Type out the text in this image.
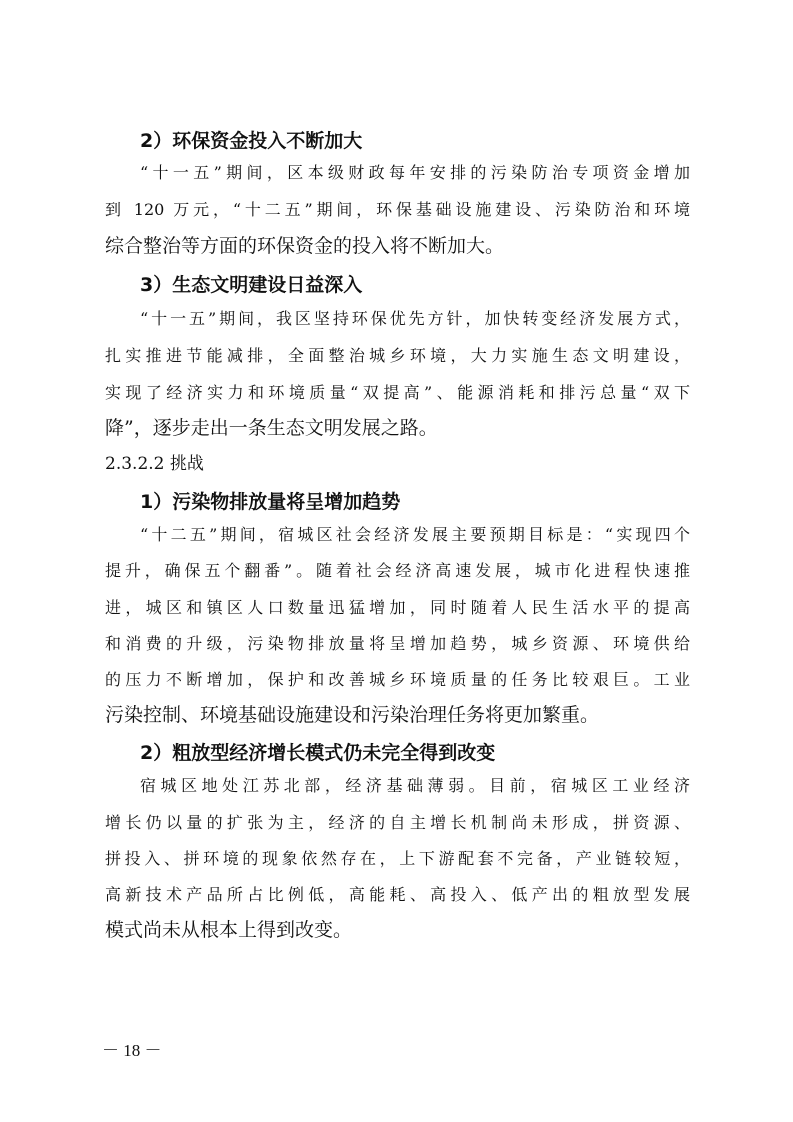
2）环保资金投入不断加大
“十一五”期间，区本级财政每年安排的污染防治专项资金增加
到 120 万元，“十二五”期间，环保基础设施建设、污染防治和环境
综合整治等方面的环保资金的投入将不断加大。
3）生态文明建设日益深入
“十一五”期间，我区坚持环保优先方针，加快转变经济发展方式，
扎实推进节能减排，全面整治城乡环境，大力实施生态文明建设，
实现了经济实力和环境质量“双提高”、能源消耗和排污总量“双下
降”，逐步走出一条生态文明发展之路。
2.3.2.2 挑战
1）污染物排放量将呈增加趋势
“十二五”期间，宿城区社会经济发展主要预期目标是：“实现四个
提升，确保五个翻番”。随着社会经济高速发展，城市化进程快速推
进，城区和镇区人口数量迅猛增加，同时随着人民生活水平的提高
和消费的升级，污染物排放量将呈增加趋势，城乡资源、环境供给
的压力不断增加，保护和改善城乡环境质量的任务比较艰巨。工业
污染控制、环境基础设施建设和污染治理任务将更加繁重。
2）粗放型经济增长模式仍未完全得到改变
宿城区地处江苏北部，经济基础薄弱。目前，宿城区工业经济
增长仍以量的扩张为主，经济的自主增长机制尚未形成，拼资源、
拼投入、拼环境的现象依然存在，上下游配套不完备，产业链较短，
高新技术产品所占比例低，高能耗、高投入、低产出的粗放型发展
模式尚未从根本上得到改变。
－ 18 －
